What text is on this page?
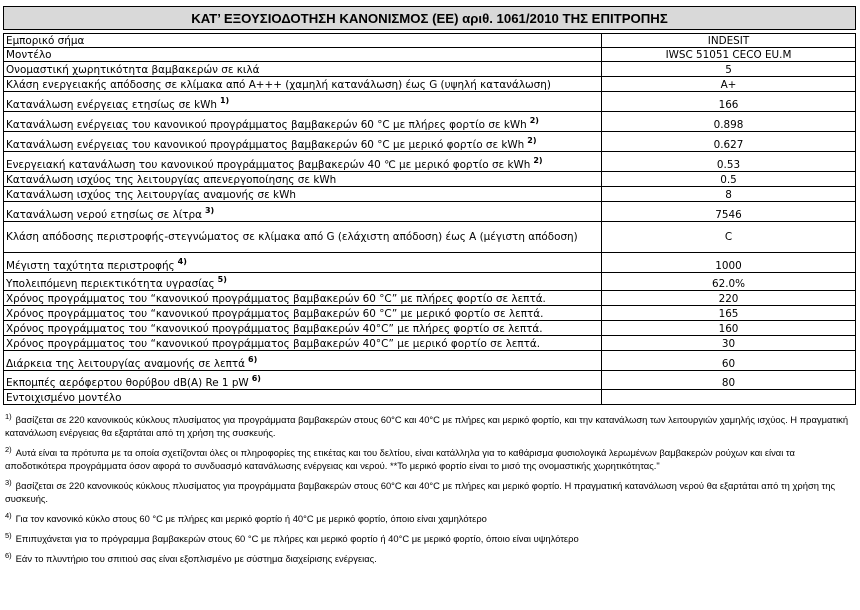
ΚΑΤ’ ΕΞΟΥΣΙΟΔΟΤΗΣΗ ΚΑΝΟΝΙΣΜΟΣ (ΕΕ) αριθ. 1061/2010 ΤΗΣ ΕΠΙΤΡΟΠΗΣ
Εμπορικό σήμα	INDESIT
Μοντέλο	IWSC 51051 CECO EU.M
Ονομαστική χωρητικότητα βαμβακερών σε κιλά	5
Κλάση ενεργειακής απόδοσης σε κλίμακα από A+++ (χαμηλή κατανάλωση) έως G (υψηλή κατανάλωση)	A+
Κατανάλωση ενέργειας ετησίως σε kWh $^{1)}$	166
Κατανάλωση ενέργειας του κανονικού προγράμματος βαμβακερών 60 °C με πλήρες φορτίο σε kWh $^{2)}$	0.898
Κατανάλωση ενέργειας του κανονικού προγράμματος βαμβακερών 60 °C με μερικό φορτίο σε kWh $^{2)}$	0.627
Ενεργειακή κατανάλωση του κανονικού προγράμματος βαμβακερών 40 ℃ με μερικό φορτίο σε kWh $^{2)}$	0.53
Κατανάλωση ισχύος της λειτουργίας απενεργοποίησης σε kWh	0.5
Κατανάλωση ισχύος της λειτουργίας αναμονής σε kWh	8
Κατανάλωση νερού ετησίως σε λίτρα $^{3)}$	7546
Κλάση απόδοσης περιστροφής-στεγνώματος σε κλίμακα από G (ελάχιστη απόδοση) έως A (μέγιστη απόδοση)	C
Μέγιστη ταχύτητα περιστροφής $^{4)}$	1000
Υπολειπόμενη περιεκτικότητα υγρασίας $^{5)}$	62.0%
Χρόνος προγράμματος του “κανονικού προγράμματος βαμβακερών 60 °C” με πλήρες φορτίο σε λεπτά.	220
Χρόνος προγράμματος του “κανονικού προγράμματος βαμβακερών 60 °C” με μερικό φορτίο σε λεπτά.	165
Χρόνος προγράμματος του “κανονικού προγράμματος βαμβακερών 40°C” με πλήρες φορτίο σε λεπτά.	160
Χρόνος προγράμματος του “κανονικού προγράμματος βαμβακερών 40°C” με μερικό φορτίο σε λεπτά.	30
Διάρκεια της λειτουργίας αναμονής σε λεπτά $^{6)}$	60
Εκπομπές αερόφερτου θορύβου dB(A) Re 1 pW $^{6)}$	80
Εντοιχισμένο μοντέλο	
$^{1)}$ βασίζεται σε 220 κανονικούς κύκλους πλυσίματος για προγράμματα βαμβακερών στους 60°C και 40°C με πλήρες και μερικό φορτίο, και την κατανάλωση των λειτουργιών χαμηλής ισχύος. Η πραγματική κατανάλωση ενέργειας θα εξαρτάται από τη χρήση της συσκευής.
$^{2)}$ Αυτά είναι τα πρότυπα με τα οποία σχετίζονται όλες οι πληροφορίες της ετικέτας και του δελτίου, είναι κατάλληλα για το καθάρισμα φυσιολογικά λερωμένων βαμβακερών ρούχων και είναι τα αποδοτικότερα προγράμματα όσον αφορά το συνδυασμό κατανάλωσης ενέργειας και νερού. **Το μερικό φορτίο είναι το μισό της ονομαστικής χωρητικότητας."
$^{3)}$ βασίζεται σε 220 κανονικούς κύκλους πλυσίματος για προγράμματα βαμβακερών στους 60°C και 40°C με πλήρες και μερικό φορτίο. Η πραγματική κατανάλωση νερού θα εξαρτάται από τη χρήση της συσκευής.
$^{4)}$ Για τον κανονικό κύκλο στους 60 °C με πλήρες και μερικό φορτίο ή 40°C με μερικό φορτίο, όποιο είναι χαμηλότερο
$^{5)}$ Επιπυχάνεται για το πρόγραμμα βαμβακερών στους 60 °C με πλήρες και μερικό φορτίο ή 40°C με μερικό φορτίο, όποιο είναι υψηλότερο
$^{6)}$ Εάν το πλυντήριο του σπιτιού σας είναι εξοπλισμένο με σύστημα διαχείρισης ενέργειας.
